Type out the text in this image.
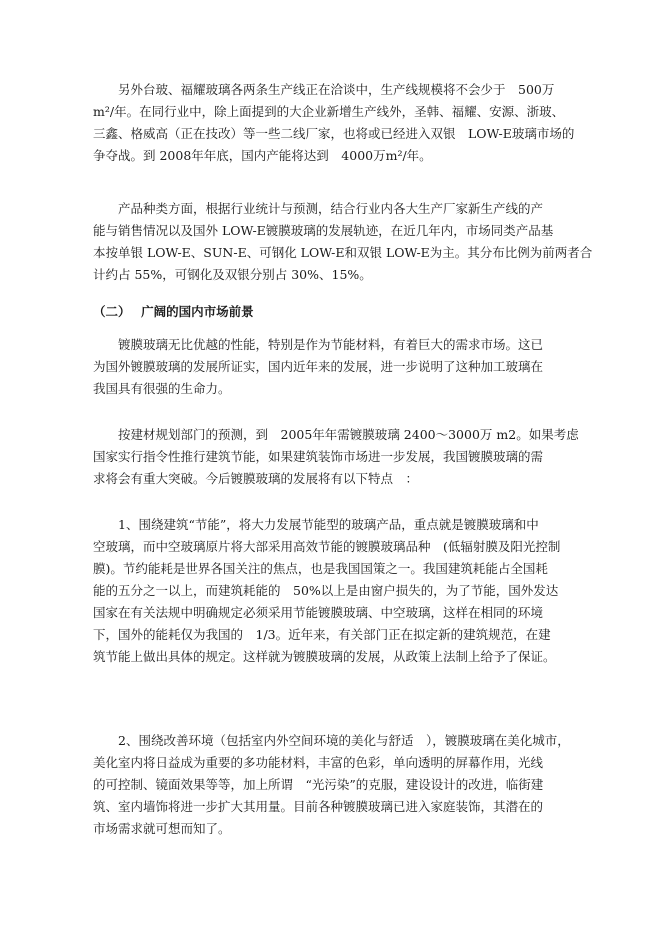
　　另外台玻、福耀玻璃各两条生产线正在洽谈中，生产线规模将不会少于　500万
m²/年。在同行业中，除上面提到的大企业新增生产线外，圣韩、福耀、安源、浙玻、
三鑫、格威高（正在技改）等一些二线厂家，也将或已经进入双银　LOW-E玻璃市场的
争夺战。到 2008年年底，国内产能将达到　4000万m²/年。
　　产品种类方面，根据行业统计与预测，结合行业内各大生产厂家新生产线的产
能与销售情况以及国外 LOW-E镀膜玻璃的发展轨迹，在近几年内，市场同类产品基
本按单银 LOW-E、SUN-E、可钢化 LOW-E和双银 LOW-E为主。其分布比例为前两者合
计约占 55%，可钢化及双银分别占 30%、15%。
（二）　 广阔的国内市场前景
　　镀膜玻璃无比优越的性能，特别是作为节能材料，有着巨大的需求市场。这已
为国外镀膜玻璃的发展所证实，国内近年来的发展，进一步说明了这种加工玻璃在
我国具有很强的生命力。
　　按建材规划部门的预测，到　2005年年需镀膜玻璃 2400～3000万 m2。如果考虑
国家实行指令性推行建筑节能，如果建筑装饰市场进一步发展，我国镀膜玻璃的需
求将会有重大突破。今后镀膜玻璃的发展将有以下特点　：
　　1、围绕建筑“节能”，将大力发展节能型的玻璃产品，重点就是镀膜玻璃和中
空玻璃，而中空玻璃原片将大部采用高效节能的镀膜玻璃品种　(低辐射膜及阳光控制
膜)。节约能耗是世界各国关注的焦点，也是我国国策之一。我国建筑耗能占全国耗
能的五分之一以上，而建筑耗能的　50%以上是由窗户损失的，为了节能，国外发达
国家在有关法规中明确规定必须采用节能镀膜玻璃、中空玻璃，这样在相同的环境
下，国外的能耗仅为我国的　1/3。近年来，有关部门正在拟定新的建筑规范，在建
筑节能上做出具体的规定。这样就为镀膜玻璃的发展，从政策上法制上给予了保证。
　　2、围绕改善环境（包括室内外空间环境的美化与舒适　），镀膜玻璃在美化城市，
美化室内将日益成为重要的多功能材料，丰富的色彩，单向透明的屏幕作用，光线
的可控制、镜面效果等等，加上所谓　“光污染”的克服，建设设计的改进，临街建
筑、室内墙饰将进一步扩大其用量。目前各种镀膜玻璃已进入家庭装饰，其潜在的
市场需求就可想而知了。
